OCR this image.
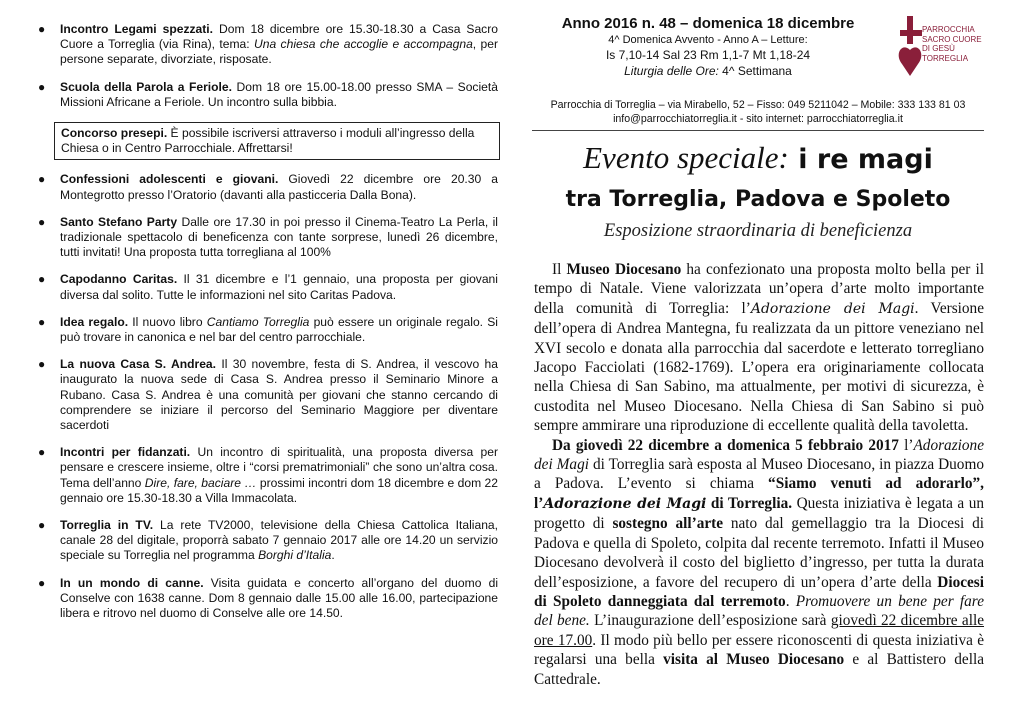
● Incontro Legami spezzati. Dom 18 dicembre ore 15.30-18.30 a Casa Sacro Cuore a Torreglia (via Rina), tema: Una chiesa che accoglie e accompagna, per persone separate, divorziate, risposate.
● Scuola della Parola a Feriole. Dom 18 ore 15.00-18.00 presso SMA – Società Missioni Africane a Feriole. Un incontro sulla bibbia.
Concorso presepi. È possibile iscriversi attraverso i moduli all’ingresso della Chiesa o in Centro Parrocchiale. Affrettarsi!
● Confessioni adolescenti e giovani. Giovedì 22 dicembre ore 20.30 a Montegrotto presso l’Oratorio (davanti alla pasticceria Dalla Bona).
● Santo Stefano Party Dalle ore 17.30 in poi presso il Cinema-Teatro La Perla, il tradizionale spettacolo di beneficenza con tante sorprese, lunedì 26 dicembre, tutti invitati! Una proposta tutta torregliana al 100%
● Capodanno Caritas. Il 31 dicembre e l’1 gennaio, una proposta per giovani diversa dal solito. Tutte le informazioni nel sito Caritas Padova.
● Idea regalo. Il nuovo libro Cantiamo Torreglia può essere un originale regalo. Si può trovare in canonica e nel bar del centro parrocchiale.
● La nuova Casa S. Andrea. Il 30 novembre, festa di S. Andrea, il vescovo ha inaugurato la nuova sede di Casa S. Andrea presso il Seminario Minore a Rubano. Casa S. Andrea è una comunità per giovani che stanno cercando di comprendere se iniziare il percorso del Seminario Maggiore per diventare sacerdoti
● Incontri per fidanzati. Un incontro di spiritualità, una proposta diversa per pensare e crescere insieme, oltre i “corsi prematrimoniali” che sono un’altra cosa. Tema dell’anno Dire, fare, baciare … prossimi incontri dom 18 dicembre e dom 22 gennaio ore 15.30-18.30 a Villa Immacolata.
● Torreglia in TV. La rete TV2000, televisione della Chiesa Cattolica Italiana, canale 28 del digitale, proporrà sabato 7 gennaio 2017 alle ore 14.20 un servizio speciale su Torreglia nel programma Borghi d’Italia.
● In un mondo di canne. Visita guidata e concerto all’organo del duomo di Conselve con 1638 canne. Dom 8 gennaio dalle 15.00 alle 16.00, partecipazione libera e ritrovo nel duomo di Conselve alle ore 14.50.
Anno 2016 n. 48 – domenica 18 dicembre
4^ Domenica Avvento - Anno A – Letture:
Is 7,10-14 Sal 23 Rm 1,1-7 Mt 1,18-24
Liturgia delle Ore: 4^ Settimana
PARROCCHIA
SACRO CUORE
DI GESÙ
TORREGLIA
Parrocchia di Torreglia – via Mirabello, 52 – Fisso: 049 5211042 – Mobile: 333 133 81 03
info@parrocchiatorreglia.it - sito internet: parrocchiatorreglia.it
Evento speciale: i re magi
tra Torreglia, Padova e Spoleto
Esposizione straordinaria di beneficienza

Il Museo Diocesano ha confezionato una proposta molto bella per il tempo di Natale. Viene valorizzata un’opera d’arte molto importante della comunità di Torreglia: l’Adorazione dei Magi. Versione dell’opera di Andrea Mantegna, fu realizzata da un pittore veneziano nel XVI secolo e donata alla parrocchia dal sacerdote e letterato torregliano Jacopo Facciolati (1682-1769). L’opera era originariamente collocata nella Chiesa di San Sabino, ma attualmente, per motivi di sicurezza, è custodita nel Museo Diocesano. Nella Chiesa di San Sabino si può sempre ammirare una riproduzione di eccellente qualità della tavoletta.

Da giovedì 22 dicembre a domenica 5 febbraio 2017 l’Adorazione dei Magi di Torreglia sarà esposta al Museo Diocesano, in piazza Duomo a Padova. L’evento si chiama “Siamo venuti ad adorarlo”, l’Adorazione dei Magi di Torreglia. Questa iniziativa è legata a un progetto di sostegno all’arte nato dal gemellaggio tra la Diocesi di Padova e quella di Spoleto, colpita dal recente terremoto. Infatti il Museo Diocesano devolverà il costo del biglietto d’ingresso, per tutta la durata dell’esposizione, a favore del recupero di un’opera d’arte della Diocesi di Spoleto danneggiata dal terremoto. Promuovere un bene per fare del bene. L’inaugurazione dell’esposizione sarà giovedì 22 dicembre alle ore 17.00. Il modo più bello per essere riconoscenti di questa iniziativa è regalarsi una bella visita al Museo Diocesano e al Battistero della Cattedrale.
